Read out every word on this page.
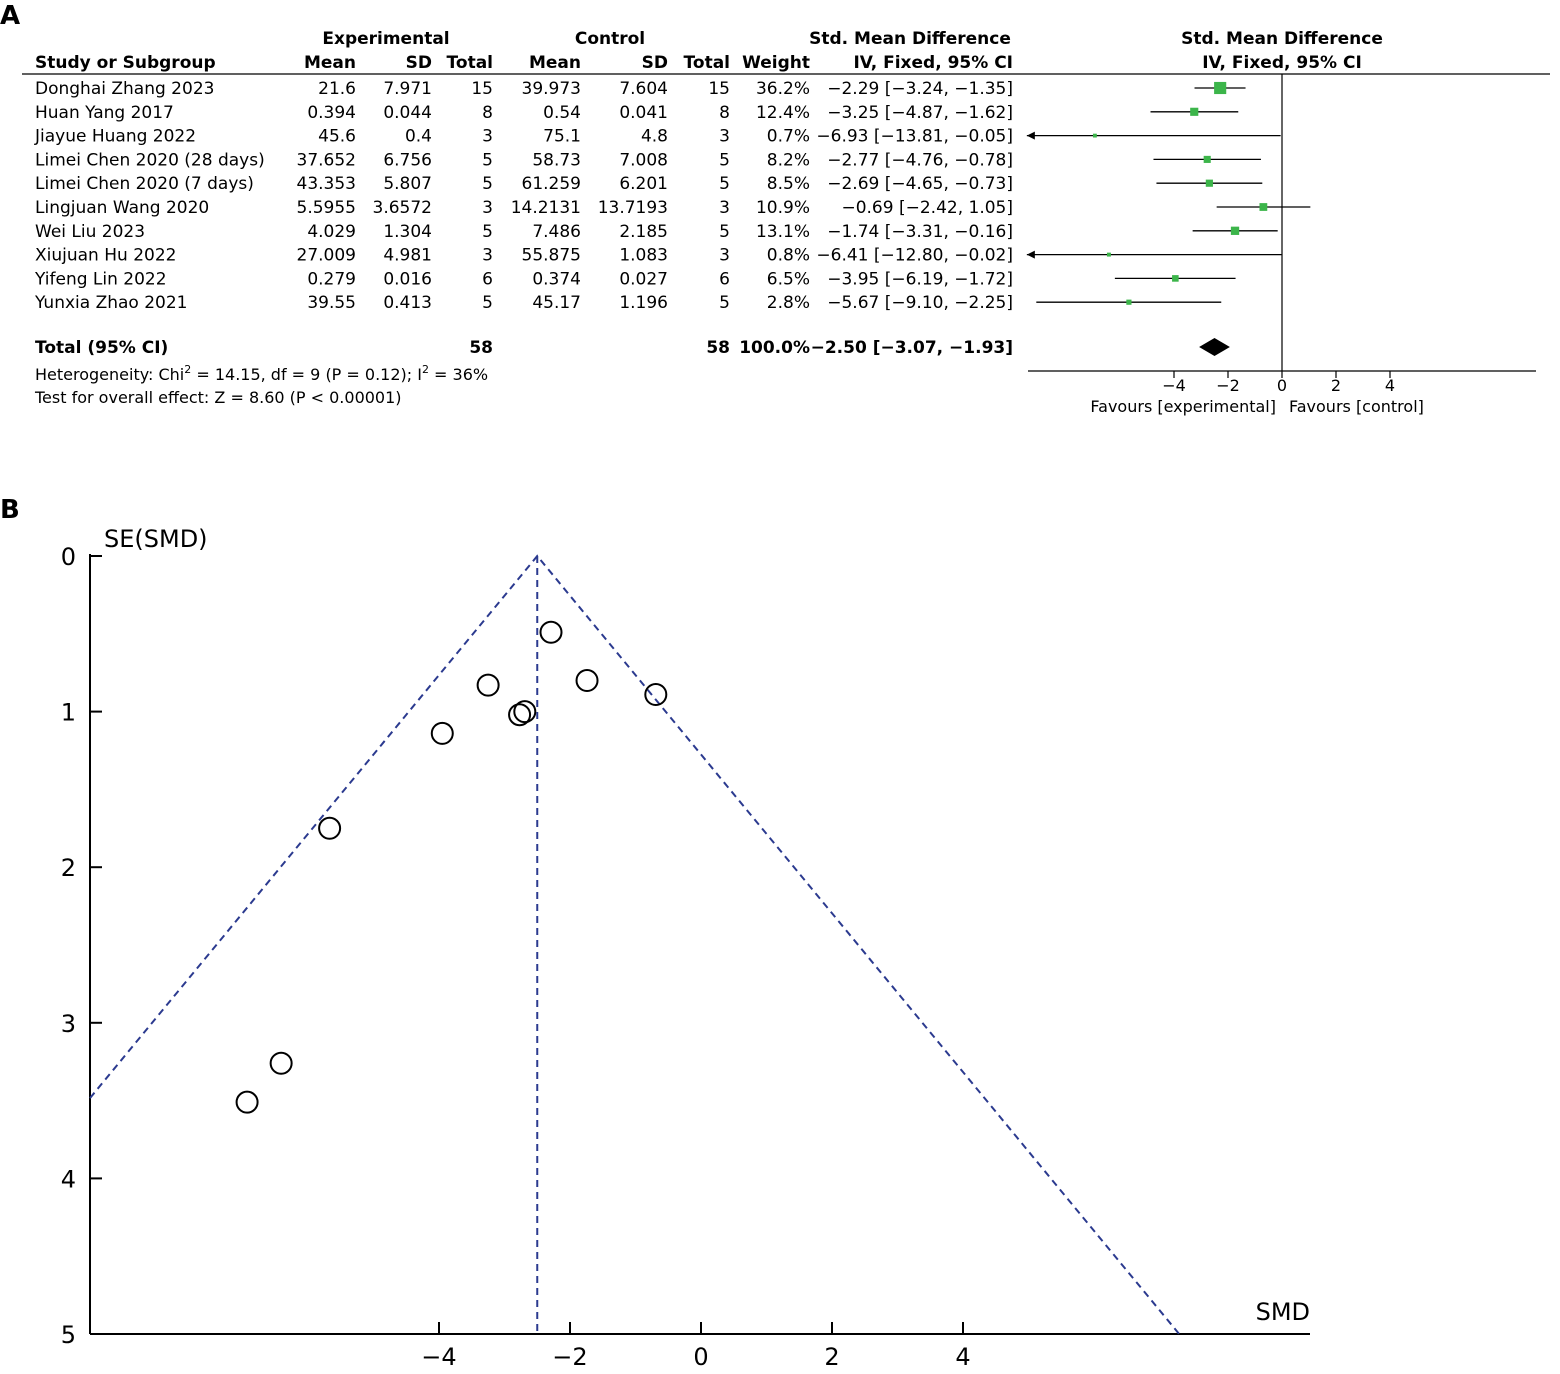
A
B
Experimental	Control	Std. Mean Difference	Std. Mean Difference
Study or Subgroup	Mean	SD Total Mean	SD Total Weight	IV, Fixed, 95% CI	IV, Fixed, 95% CI
Donghai Zhang 2023	21.6 7.971 15 39.973 7.604 15 36.2% −2.29 [−3.24, −1.35]
Huan Yang 2017	0.394 0.044	8	0.54 0.041	8 12.4% −3.25 [−4.87, −1.62]
Jiayue Huang 2022	45.6	0.4	3	75.1	4.8	3 0.7% −6.93 [−13.81, −0.05]
Limei Chen 2020 (28 days) 37.652 6.756	5 58.73 7.008	5 8.2% −2.77 [−4.76, −0.78]
Limei Chen 2020 (7 days)	43.353 5.807	5 61.259 6.201	5 8.5% −2.69 [−4.65, −0.73]
Lingjuan Wang 2020	5.5955 3.6572	3 14.2131 13.7193	3 10.9% −0.69 [−2.42, 1.05]
Wei Liu 2023	4.029 1.304	5 7.486 2.185	5 13.1% −1.74 [−3.31, −0.16]
Xiujuan Hu 2022	27.009 4.981	3 55.875 1.083	3 0.8% −6.41 [−12.80, −0.02]
Yifeng Lin 2022	0.279 0.016	6 0.374 0.027	6 6.5% −3.95 [−6.19, −1.72]
Yunxia Zhao 2021	39.55 0.413	5 45.17 1.196	5 2.8% −5.67 [−9.10, −2.25]
Total (95% CI)	58	58 100.0% −2.50 [−3.07, −1.93]
Heterogeneity: Chi$^2$ = 14.15, df = 9 (P = 0.12); $I^2 = 36\%$
Test for overall effect: Z = 8.60 (P < 0.00001)
−4 −2 0	2	4
Favours [experimental] Favours [control]
SE(SMD)
SMD
0
1
2
3
4
5
−4	−2	0	2	4
